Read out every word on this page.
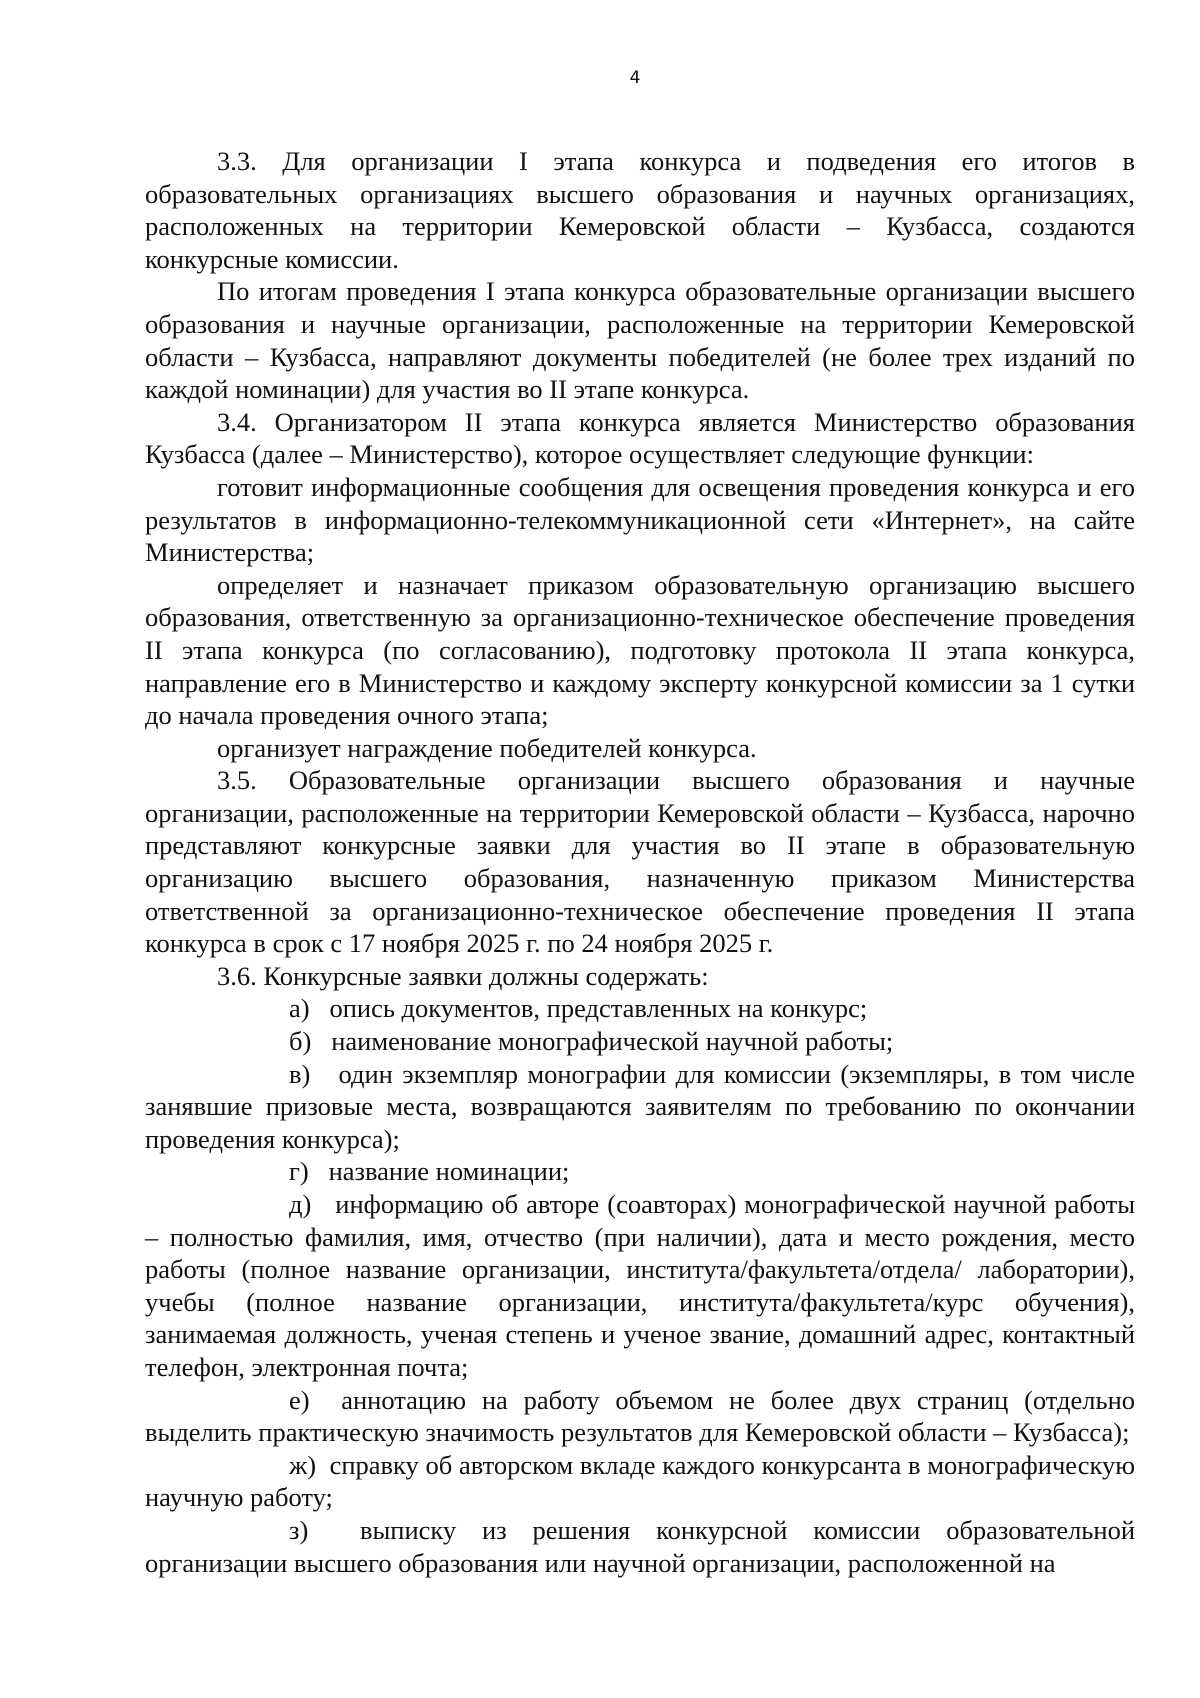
4

3.3. Для организации I этапа конкурса и подведения его итогов в образовательных организациях высшего образования и научных организациях, расположенных на территории Кемеровской области – Кузбасса, создаются конкурсные комиссии.

По итогам проведения I этапа конкурса образовательные организации высшего образования и научные организации, расположенные на территории Кемеровской области – Кузбасса, направляют документы победителей (не более трех изданий по каждой номинации) для участия во II этапе конкурса.

3.4. Организатором II этапа конкурса является Министерство образования Кузбасса (далее – Министерство), которое осуществляет следующие функции:

готовит информационные сообщения для освещения проведения конкурса и его результатов в информационно-телекоммуникационной сети «Интернет», на сайте Министерства;

определяет и назначает приказом образовательную организацию высшего образования, ответственную за организационно-техническое обеспечение проведения II этапа конкурса (по согласованию), подготовку протокола II этапа конкурса, направление его в Министерство и каждому эксперту конкурсной комиссии за 1 сутки до начала проведения очного этапа;

организует награждение победителей конкурса.

3.5. Образовательные организации высшего образования и научные организации, расположенные на территории Кемеровской области – Кузбасса, нарочно представляют конкурсные заявки для участия во II этапе в образовательную организацию высшего образования, назначенную приказом Министерства ответственной за организационно-техническое обеспечение проведения II этапа конкурса в срок с 17 ноября 2025 г. по 24 ноября 2025 г.

3.6. Конкурсные заявки должны содержать:

а) опись документов, представленных на конкурс;

б) наименование монографической научной работы;

в) один экземпляр монографии для комиссии (экземпляры, в том числе занявшие призовые места, возвращаются заявителям по требованию по окончании проведения конкурса);

г) название номинации;

д) информацию об авторе (соавторах) монографической научной работы – полностью фамилия, имя, отчество (при наличии), дата и место рождения, место работы (полное название организации, института/факультета/отдела/ лаборатории), учебы (полное название организации, института/факультета/курс обучения), занимаемая должность, ученая степень и ученое звание, домашний адрес, контактный телефон, электронная почта;

е) аннотацию на работу объемом не более двух страниц (отдельно выделить практическую значимость результатов для Кемеровской области – Кузбасса);

ж) справку об авторском вкладе каждого конкурсанта в монографическую научную работу;

з) выписку из решения конкурсной комиссии образовательной организации высшего образования или научной организации, расположенной на
